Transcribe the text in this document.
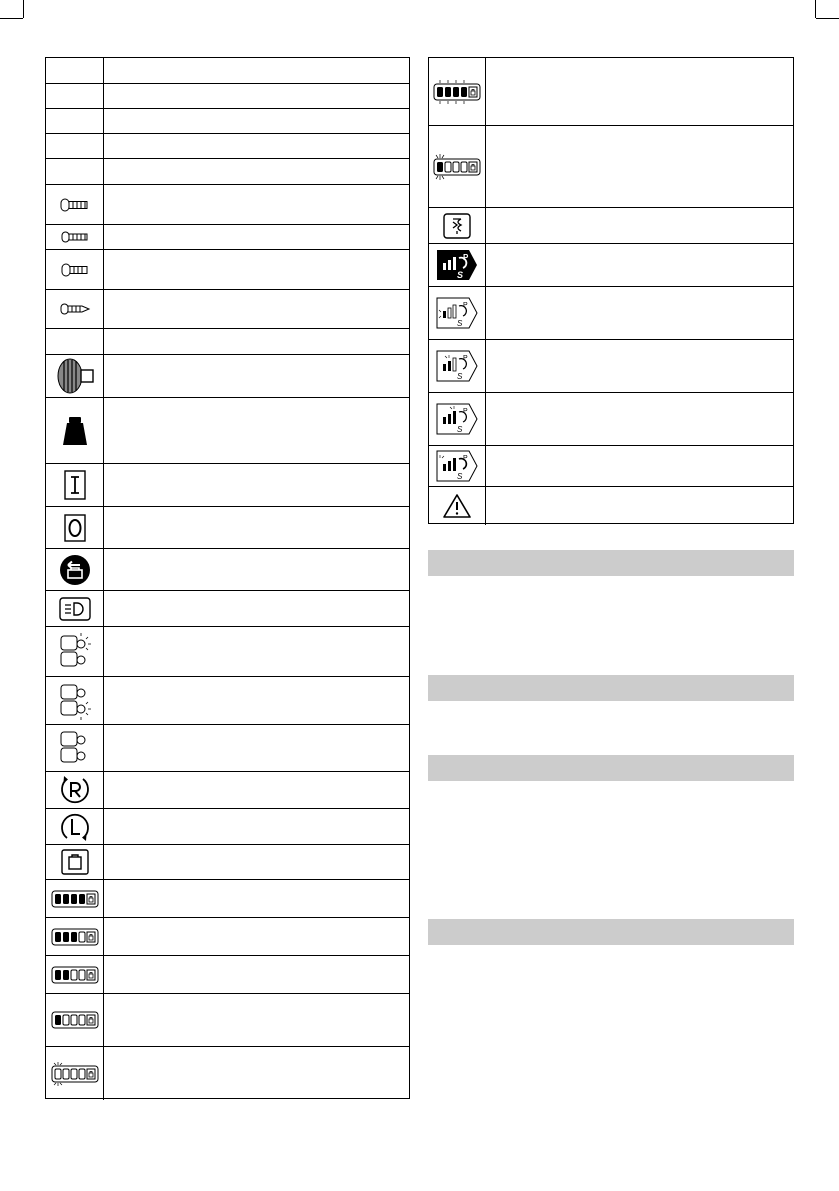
P
S
P
S
P
S
P
S
P
S
